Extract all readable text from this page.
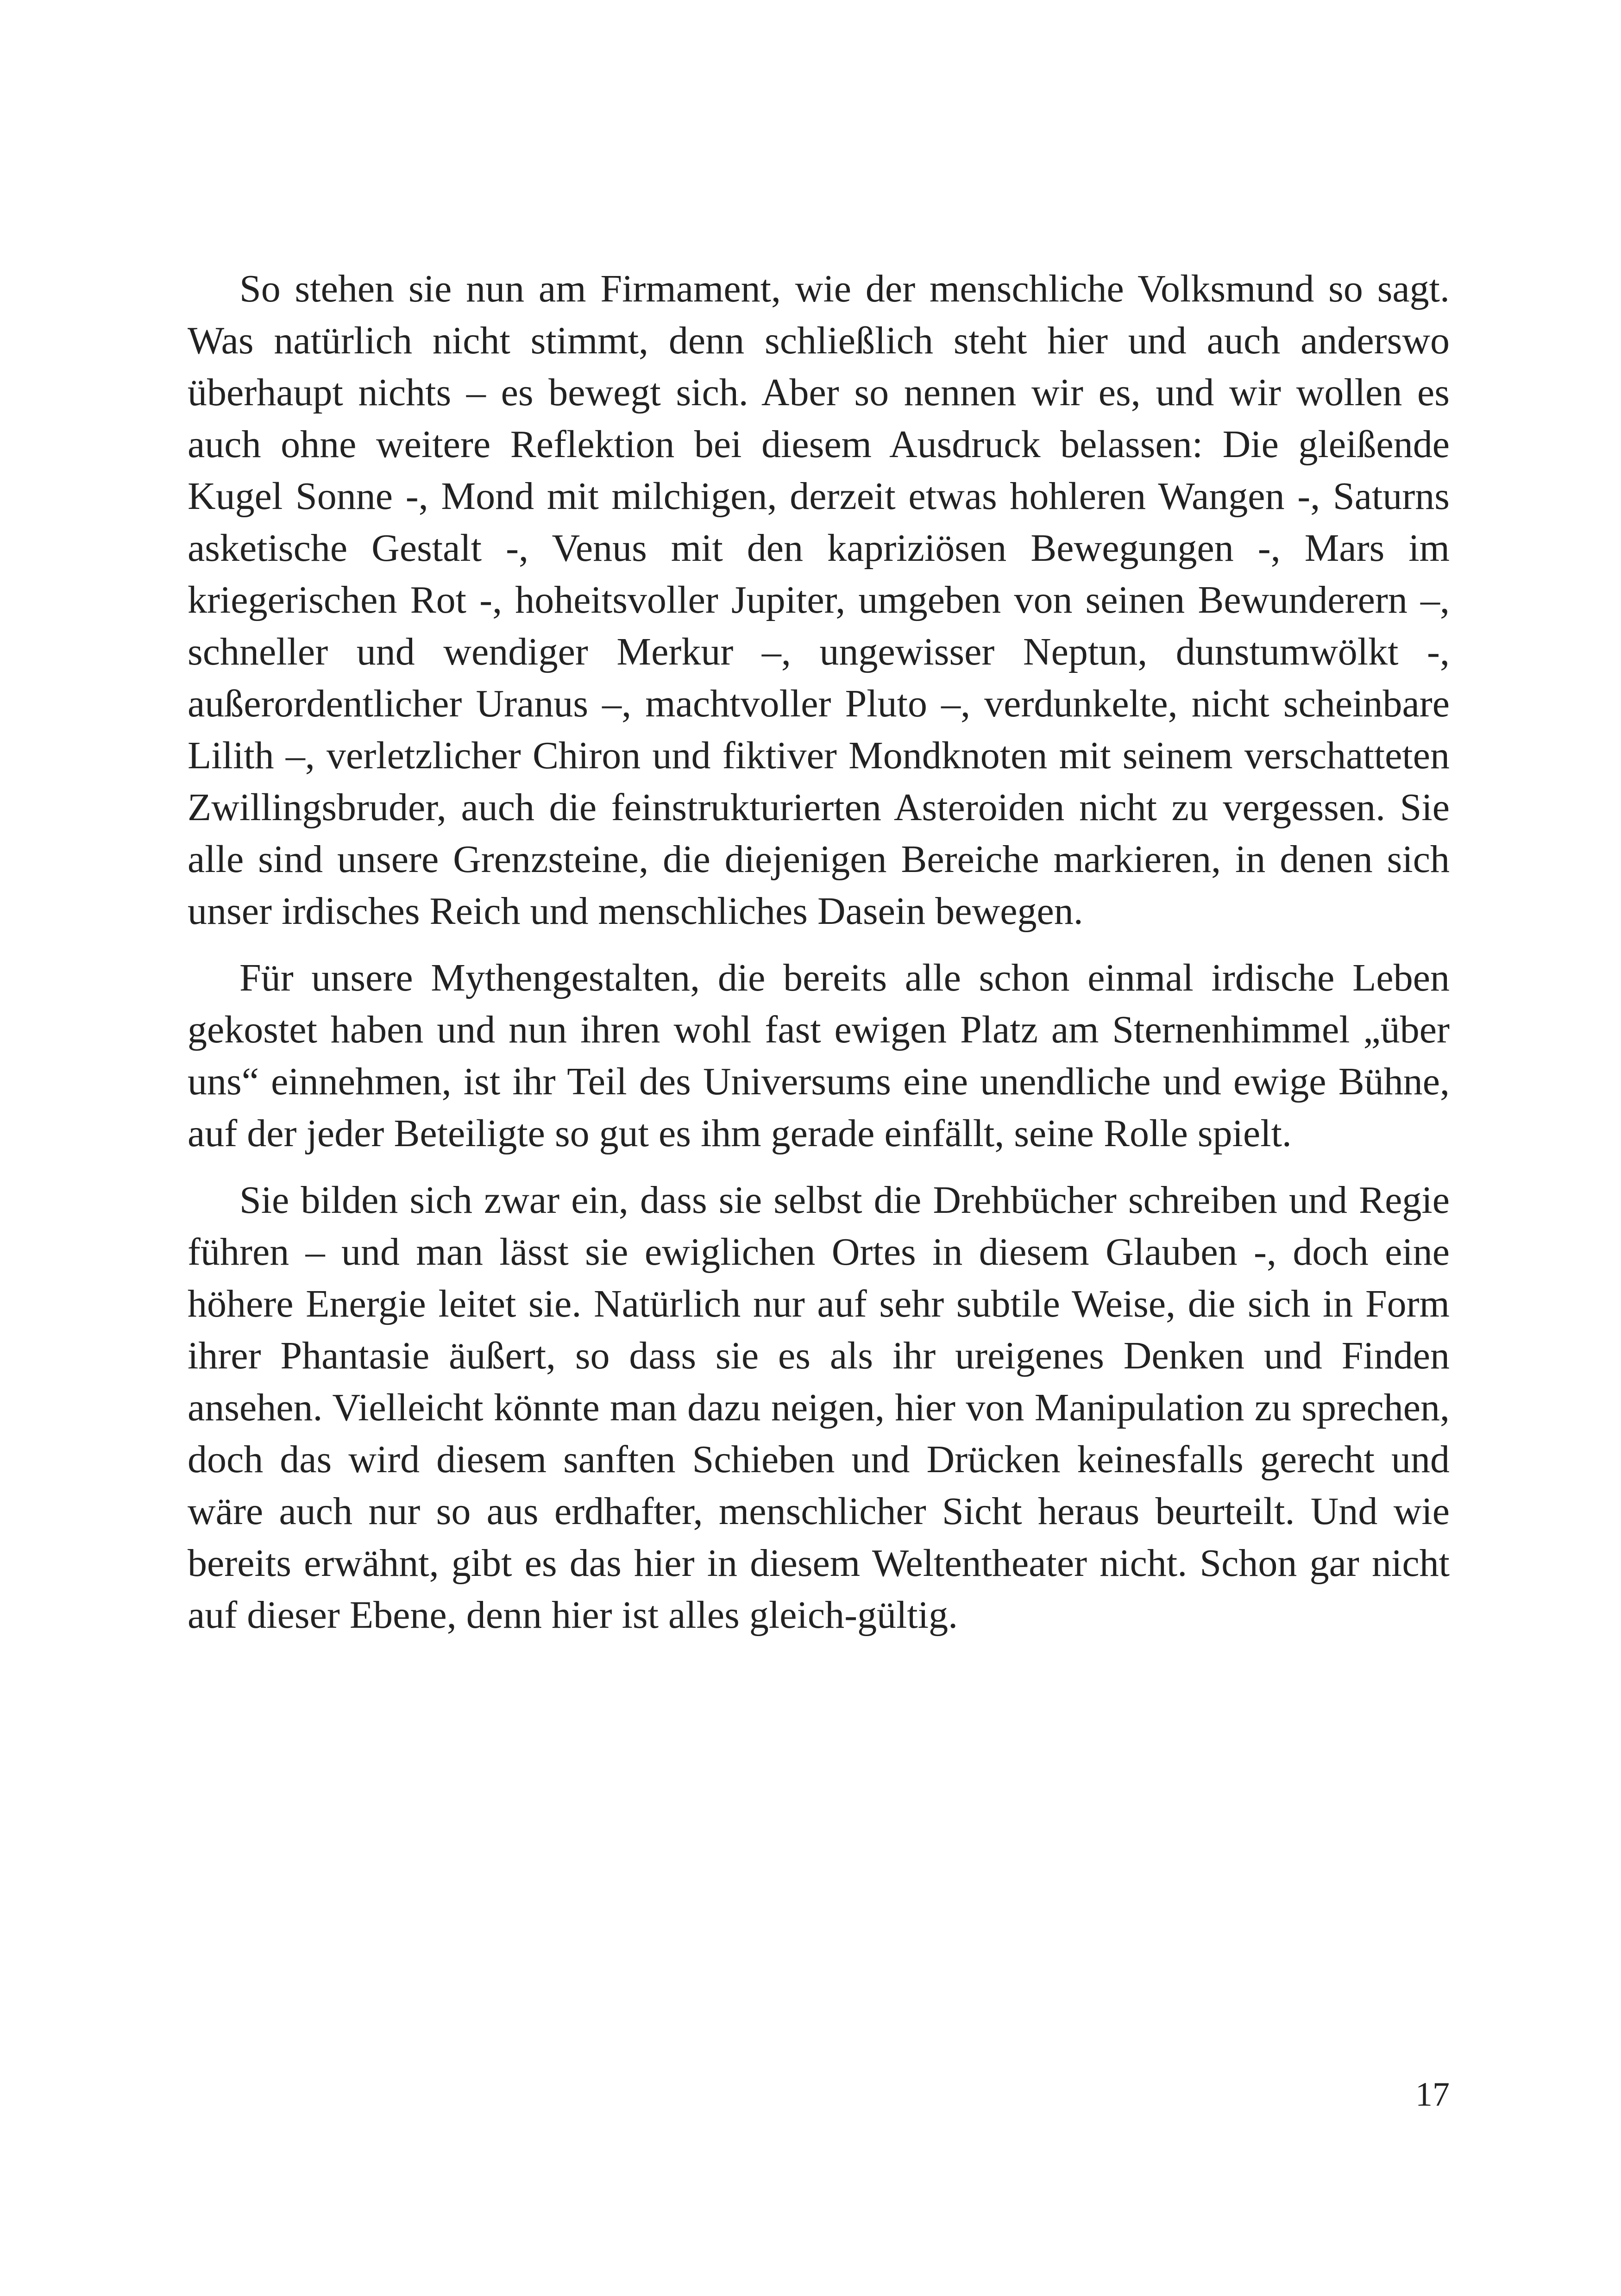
So stehen sie nun am Firmament, wie der menschliche Volksmund so sagt. Was natürlich nicht stimmt, denn schließlich steht hier und auch anderswo überhaupt nichts – es bewegt sich. Aber so nennen wir es, und wir wollen es auch ohne weitere Reflektion bei diesem Ausdruck belassen: Die gleißende Kugel Sonne -, Mond mit milchigen, derzeit etwas hohleren Wangen -, Saturns asketische Gestalt -, Venus mit den kapriziösen Bewegungen -, Mars im kriegerischen Rot -, hoheitsvoller Jupiter, umgeben von seinen Bewunderern –, schneller und wendiger Merkur –, ungewisser Neptun, dunstumwölkt -, außerordentlicher Uranus –, machtvoller Pluto –, verdunkelte, nicht scheinbare Lilith –, verletzlicher Chiron und fiktiver Mondknoten mit seinem verschatteten Zwillingsbruder, auch die feinstrukturierten Asteroiden nicht zu vergessen. Sie alle sind unsere Grenzsteine, die diejenigen Bereiche markieren, in denen sich unser irdisches Reich und menschliches Dasein bewegen.

Für unsere Mythengestalten, die bereits alle schon einmal irdische Leben gekostet haben und nun ihren wohl fast ewigen Platz am Sternenhimmel „über uns“ einnehmen, ist ihr Teil des Universums eine unendliche und ewige Bühne, auf der jeder Beteiligte so gut es ihm gerade einfällt, seine Rolle spielt.

Sie bilden sich zwar ein, dass sie selbst die Drehbücher schreiben und Regie führen – und man lässt sie ewiglichen Ortes in diesem Glauben -, doch eine höhere Energie leitet sie. Natürlich nur auf sehr subtile Weise, die sich in Form ihrer Phantasie äußert, so dass sie es als ihr ureigenes Denken und Finden ansehen. Vielleicht könnte man dazu neigen, hier von Manipulation zu sprechen, doch das wird diesem sanften Schieben und Drücken keinesfalls gerecht und wäre auch nur so aus erdhafter, menschlicher Sicht heraus beurteilt. Und wie bereits erwähnt, gibt es das hier in diesem Weltentheater nicht. Schon gar nicht auf dieser Ebene, denn hier ist alles gleich-gültig.

17
